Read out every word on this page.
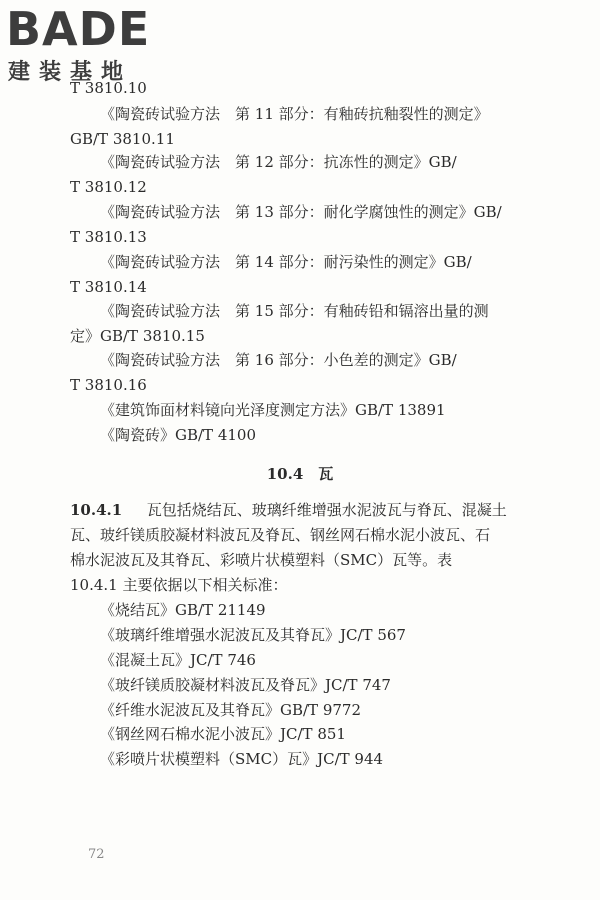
BADE
建装基地
T 3810.10
《陶瓷砖试验方法　第 11 部分：有釉砖抗釉裂性的测定》
GB/T 3810.11
《陶瓷砖试验方法　第 12 部分：抗冻性的测定》GB/
T 3810.12
《陶瓷砖试验方法　第 13 部分：耐化学腐蚀性的测定》GB/
T 3810.13
《陶瓷砖试验方法　第 14 部分：耐污染性的测定》GB/
T 3810.14
《陶瓷砖试验方法　第 15 部分：有釉砖铅和镉溶出量的测
定》GB/T 3810.15
《陶瓷砖试验方法　第 16 部分：小色差的测定》GB/
T 3810.16
《建筑饰面材料镜向光泽度测定方法》GB/T 13891
《陶瓷砖》GB/T 4100
10.4　瓦
10.4.1 　 瓦包括烧结瓦、玻璃纤维增强水泥波瓦与脊瓦、混凝土
瓦、玻纤镁质胶凝材料波瓦及脊瓦、钢丝网石棉水泥小波瓦、石
棉水泥波瓦及其脊瓦、彩喷片状模塑料（SMC）瓦等。表
10.4.1 主要依据以下相关标准：
《烧结瓦》GB/T 21149
《玻璃纤维增强水泥波瓦及其脊瓦》JC/T 567
《混凝土瓦》JC/T 746
《玻纤镁质胶凝材料波瓦及脊瓦》JC/T 747
《纤维水泥波瓦及其脊瓦》GB/T 9772
《钢丝网石棉水泥小波瓦》JC/T 851
《彩喷片状模塑料（SMC）瓦》JC/T 944
72
